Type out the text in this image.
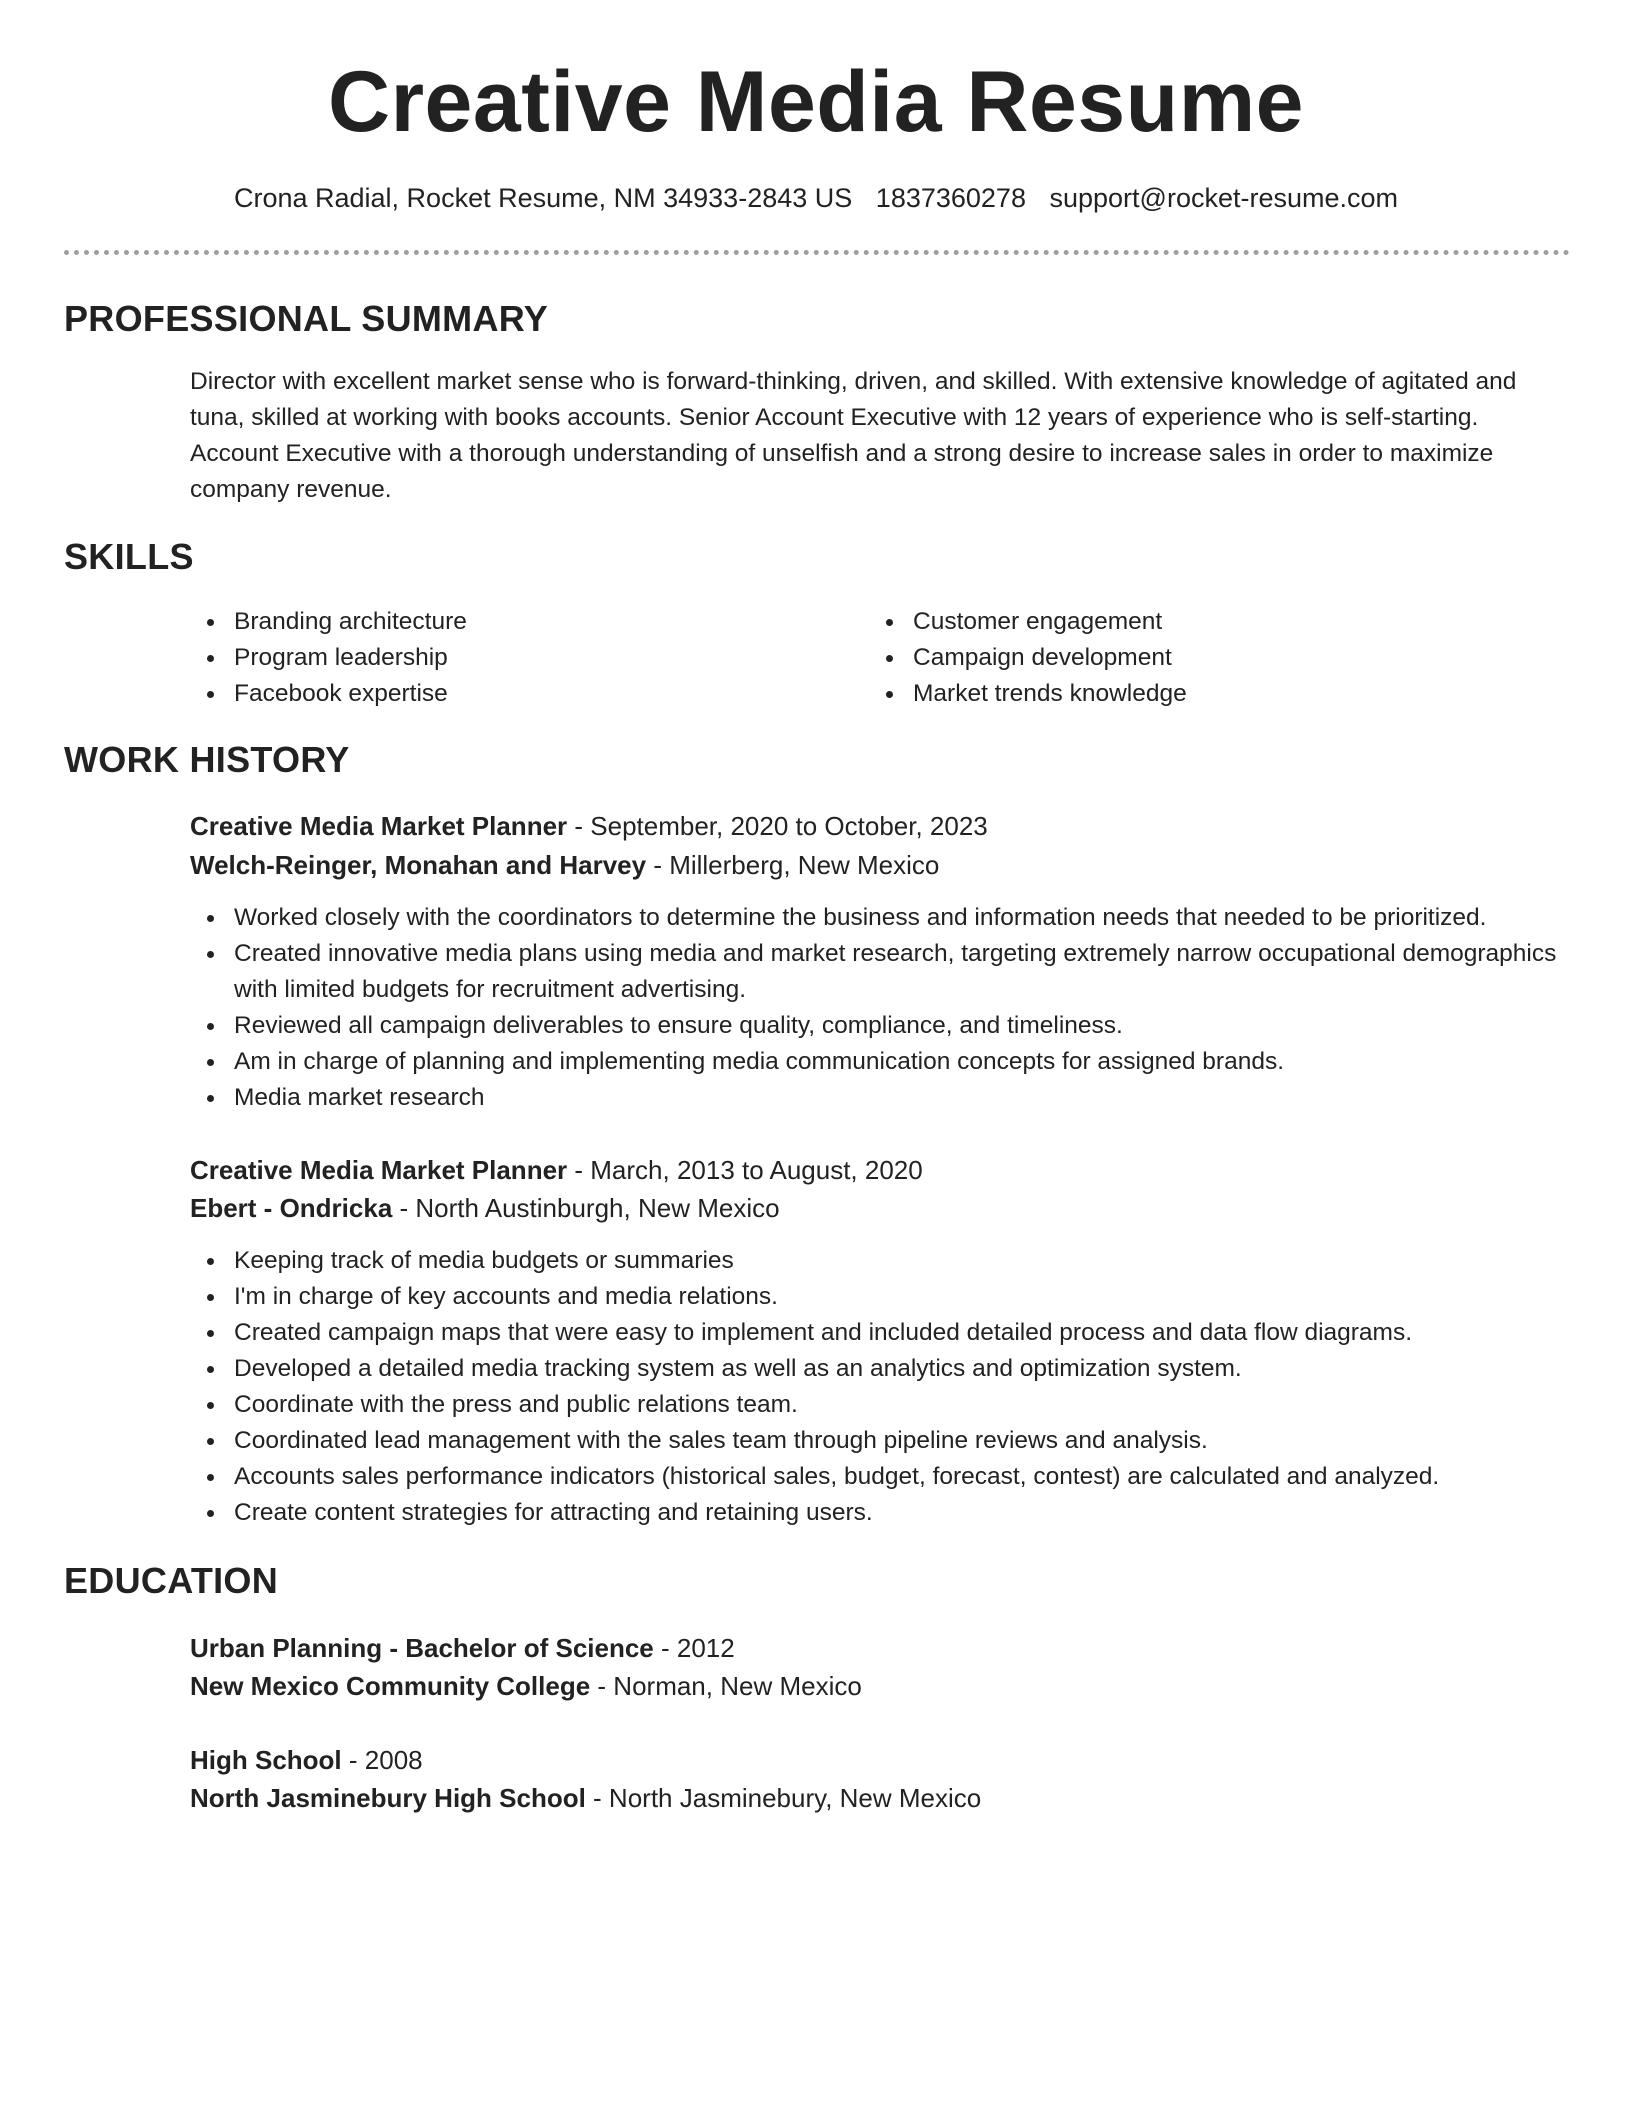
Creative Media Resume
Crona Radial, Rocket Resume, NM 34933-2843 US 1837360278 support@rocket-resume.com
PROFESSIONAL SUMMARY

Director with excellent market sense who is forward-thinking, driven, and skilled. With extensive knowledge of agitated and tuna, skilled at working with books accounts. Senior Account Executive with 12 years of experience who is self-starting. Account Executive with a thorough understanding of unselfish and a strong desire to increase sales in order to maximize company revenue.

SKILLS
Branding architecture
Program leadership
Facebook expertise
Customer engagement
Campaign development
Market trends knowledge
WORK HISTORY
Creative Media Market Planner - September, 2020 to October, 2023
Welch-Reinger, Monahan and Harvey - Millerberg, New Mexico
Worked closely with the coordinators to determine the business and information needs that needed to be prioritized.
Created innovative media plans using media and market research, targeting extremely narrow occupational demographics with limited budgets for recruitment advertising.
Reviewed all campaign deliverables to ensure quality, compliance, and timeliness.
Am in charge of planning and implementing media communication concepts for assigned brands.
Media market research
Creative Media Market Planner - March, 2013 to August, 2020
Ebert - Ondricka - North Austinburgh, New Mexico
Keeping track of media budgets or summaries
I'm in charge of key accounts and media relations.
Created campaign maps that were easy to implement and included detailed process and data flow diagrams.
Developed a detailed media tracking system as well as an analytics and optimization system.
Coordinate with the press and public relations team.
Coordinated lead management with the sales team through pipeline reviews and analysis.
Accounts sales performance indicators (historical sales, budget, forecast, contest) are calculated and analyzed.
Create content strategies for attracting and retaining users.
EDUCATION
Urban Planning - Bachelor of Science - 2012
New Mexico Community College - Norman, New Mexico
High School - 2008
North Jasminebury High School - North Jasminebury, New Mexico
